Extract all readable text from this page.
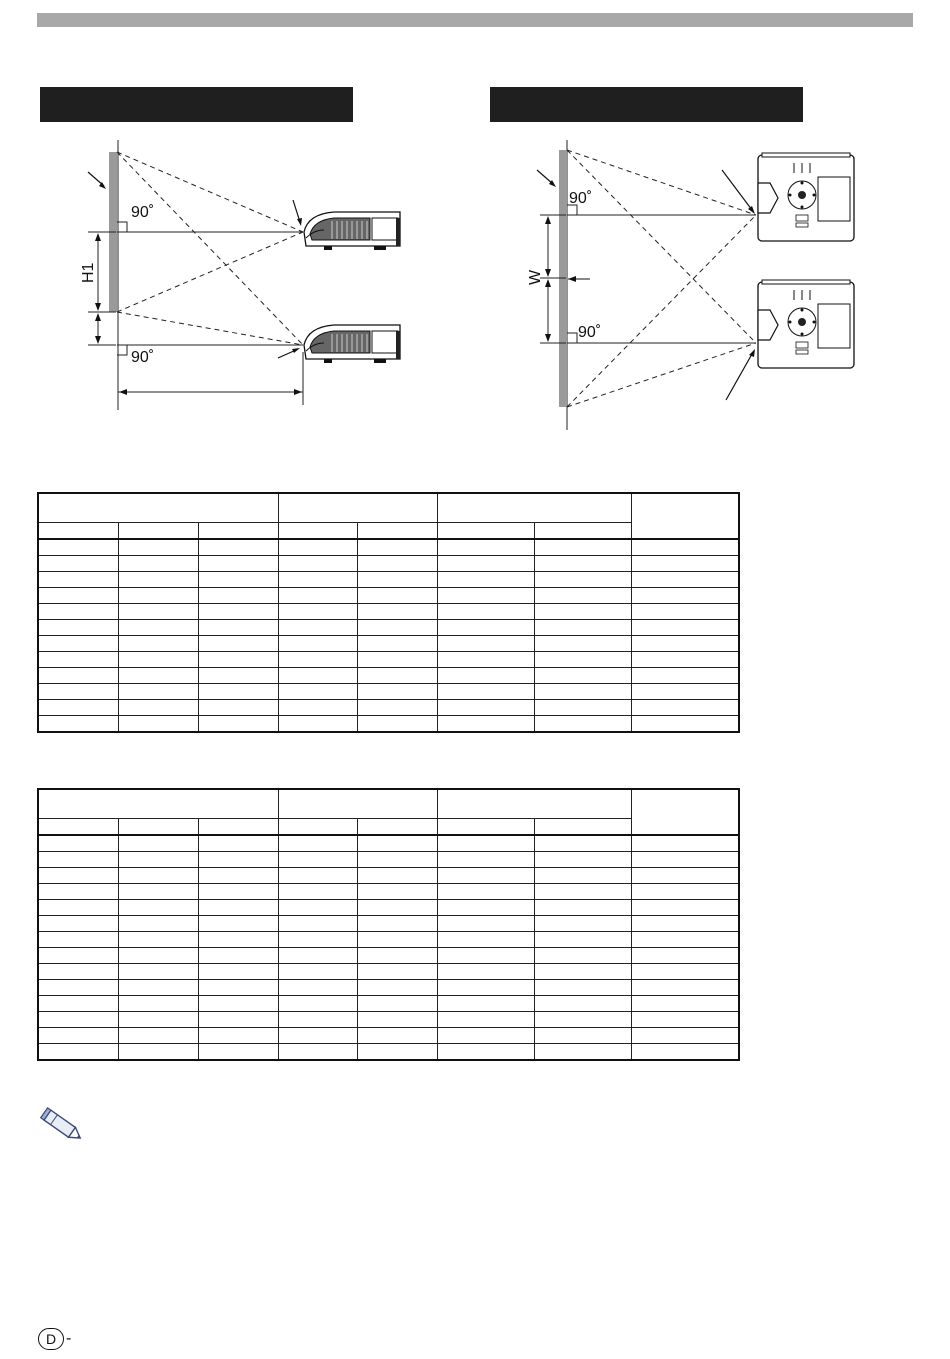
90˚
90˚
H1
90˚
90˚
W

D -
